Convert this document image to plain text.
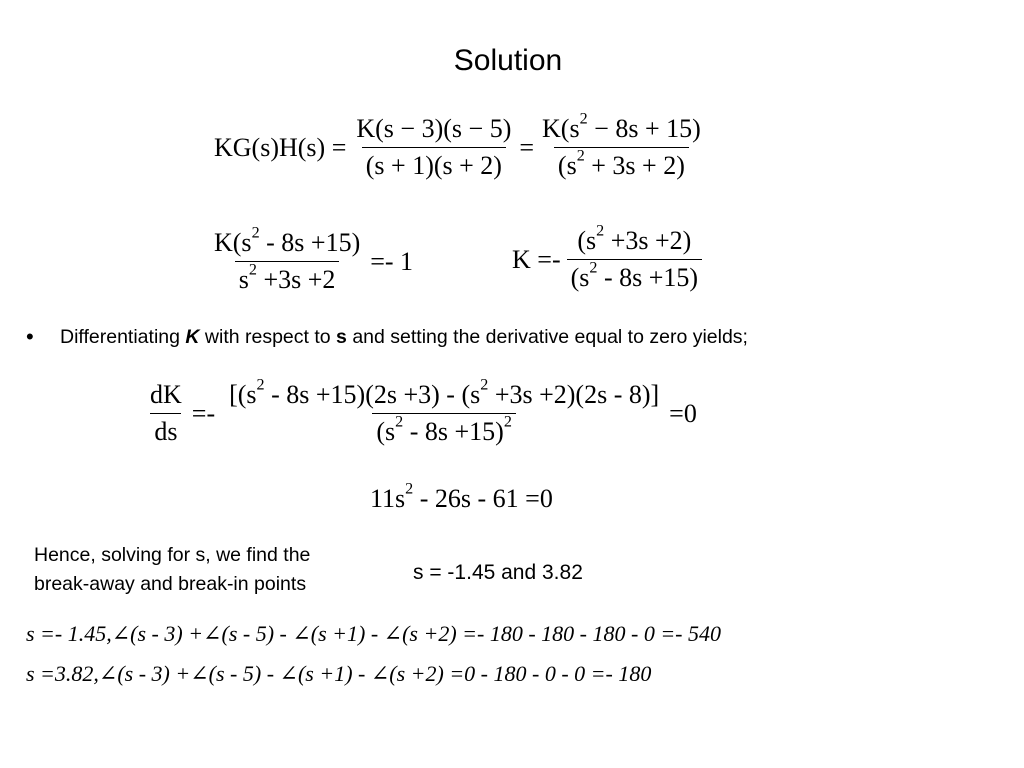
Solution
$KG(s)H(s) = \frac{K(s - 3)(s - 5)}{(s + 1)(s + 2)} = \frac{K(s^2 - 8s + 15)}{(s^2 + 3s + 2)}$
$\frac{K(s^2 - 8s +15)}{s^2 +3s +2} =- 1$	$K =- \frac{(s^2 +3s +2)}{(s^2 - 8s +15)}$
• Differentiating K with respect to s and setting the derivative equal to zero yields;
$\frac{dK}{ds} =- \frac{[(s^2 - 8s +15)(2s +3) - (s^2 +3s +2)(2s - 8)]}{(s^2 - 8s +15)^2} =0$
$11s^2 - 26s - 61 =0$
Hence, solving for s, we find the
break-away and break-in points	s = -1.45 and 3.82
s =- 1.45,∠(s - 3) +∠(s - 5) - ∠(s +1) - ∠(s +2) =- 180 - 180 - 180 - 0 =- 540
s =3.82,∠(s - 3) +∠(s - 5) - ∠(s +1) - ∠(s +2) =0 - 180 - 0 - 0 =- 180
